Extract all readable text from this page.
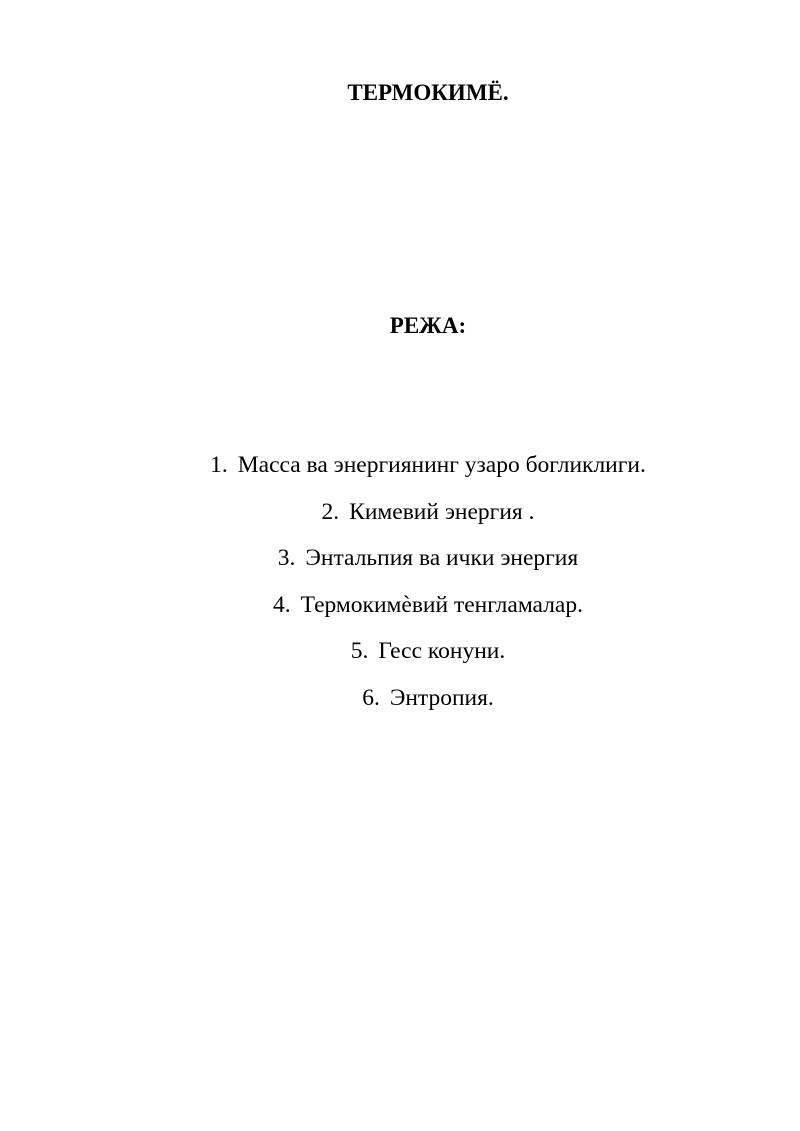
ТЕРМОКИМЁ.
РЕЖА:
1. Масса ва энергиянинг узаро богликлиги.
2. Кимевий энергия .
3. Энтальпия ва ички энергия
4. Термокимѐвий тенгламалар.
5. Гесс конуни.
6. Энтропия.
